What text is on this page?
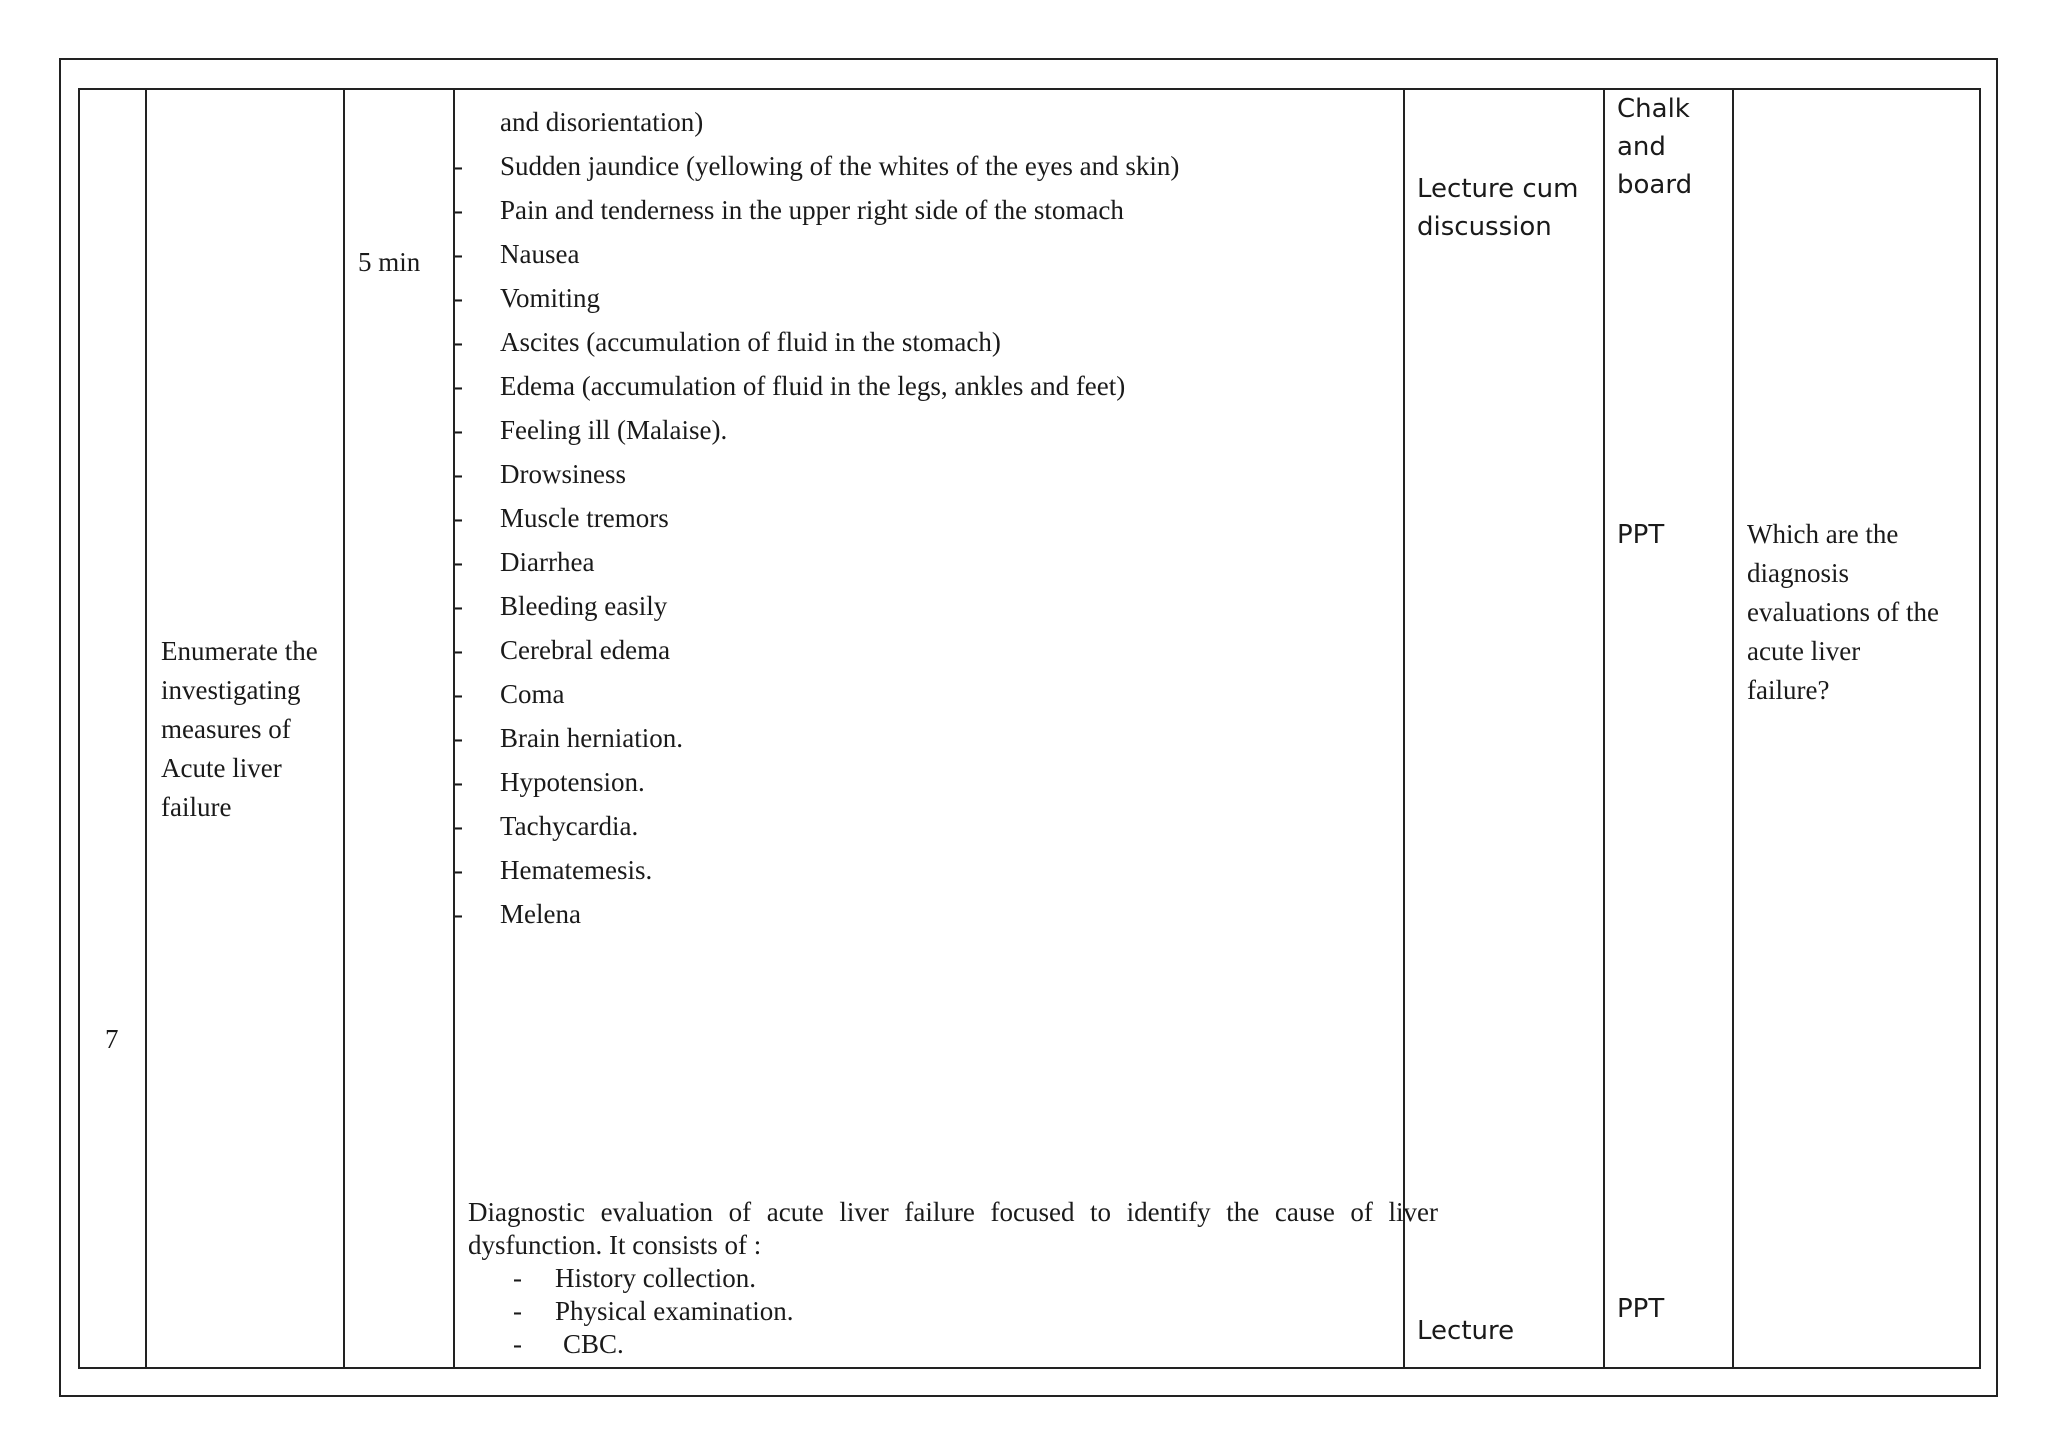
7
Enumerate the
investigating
measures of
Acute liver
failure
5 min
and disorientation)
- Sudden jaundice (yellowing of the whites of the eyes and skin)
- Pain and tenderness in the upper right side of the stomach
- Nausea
- Vomiting
- Ascites (accumulation of fluid in the stomach)
- Edema (accumulation of fluid in the legs, ankles and feet)
- Feeling ill (Malaise).
- Drowsiness
- Muscle tremors
- Diarrhea
- Bleeding easily
- Cerebral edema
- Coma
- Brain herniation.
- Hypotension.
- Tachycardia.
- Hematemesis.
- Melena

Diagnostic evaluation of acute liver failure focused to identify the cause of liver dysfunction. It consists of :

- History collection.
- Physical examination.
- CBC.
Lecture cum
discussion
Lecture
Chalk
and
board
PPT
PPT
Which are the
diagnosis
evaluations of the
acute liver
failure?
